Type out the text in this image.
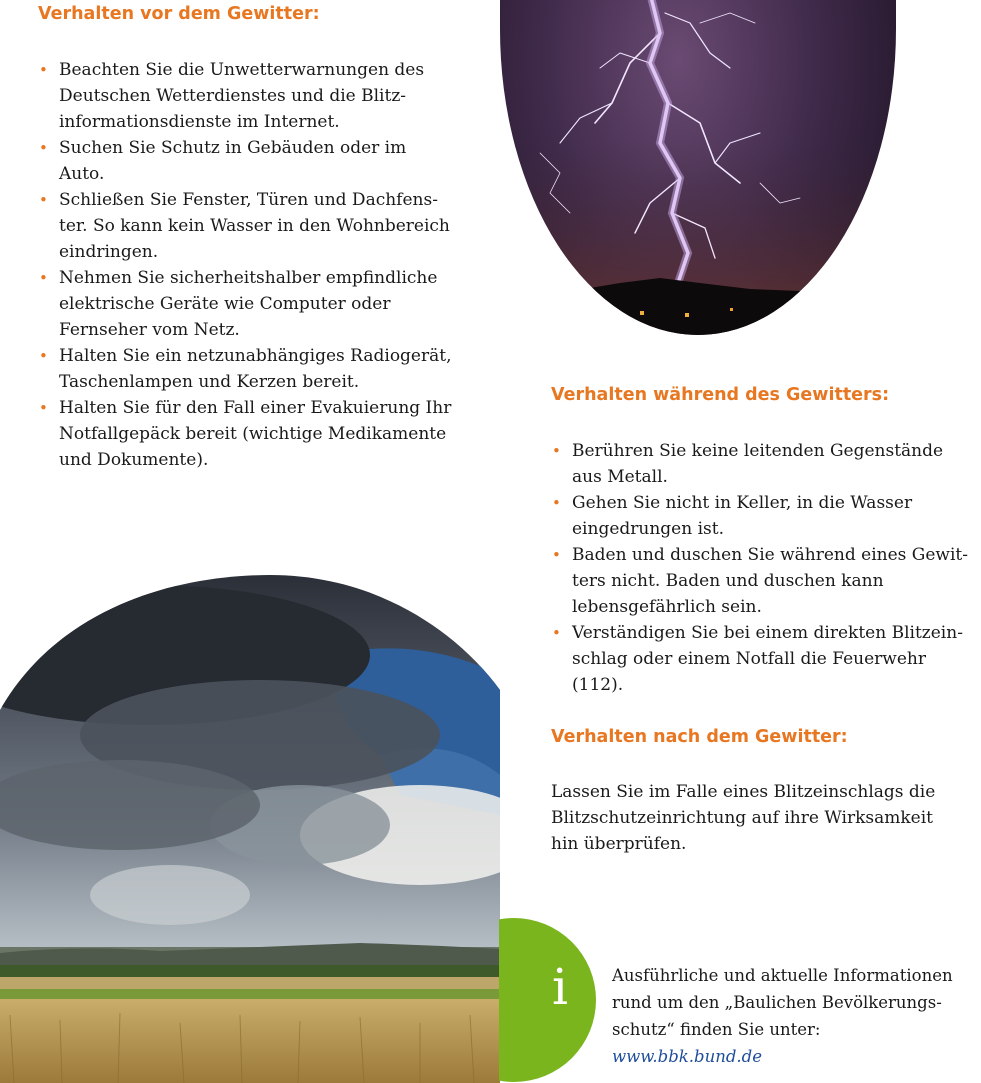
Verhalten vor dem Gewitter:
• Beachten Sie die Unwetterwarnungen des Deutschen Wetterdienstes und die Blitzinformationsdienste im Internet.
• Suchen Sie Schutz in Gebäuden oder im Auto.
• Schließen Sie Fenster, Türen und Dachfenster. So kann kein Wasser in den Wohnbereich eindringen.
• Nehmen Sie sicherheitshalber empfindliche elektrische Geräte wie Computer oder Fernseher vom Netz.
• Halten Sie ein netzunabhängiges Radiogerät, Taschenlampen und Kerzen bereit.
• Halten Sie für den Fall einer Evakuierung Ihr Notfallgepäck bereit (wichtige Medikamente und Dokumente).
Verhalten während des Gewitters:
• Berühren Sie keine leitenden Gegenstände aus Metall.
• Gehen Sie nicht in Keller, in die Wasser eingedrungen ist.
• Baden und duschen Sie während eines Gewitters nicht. Baden und duschen kann lebensgefährlich sein.
• Verständigen Sie bei einem direkten Blitzeinschlag oder einem Notfall die Feuerwehr (112).
Verhalten nach dem Gewitter:

Lassen Sie im Falle eines Blitzeinschlags die Blitzschutzeinrichtung auf ihre Wirksamkeit hin überprüfen.

i	Ausführliche und aktuelle Informationen rund um den „Baulichen Bevölkerungsschutz“ finden Sie unter: www.bbk.bund.de
